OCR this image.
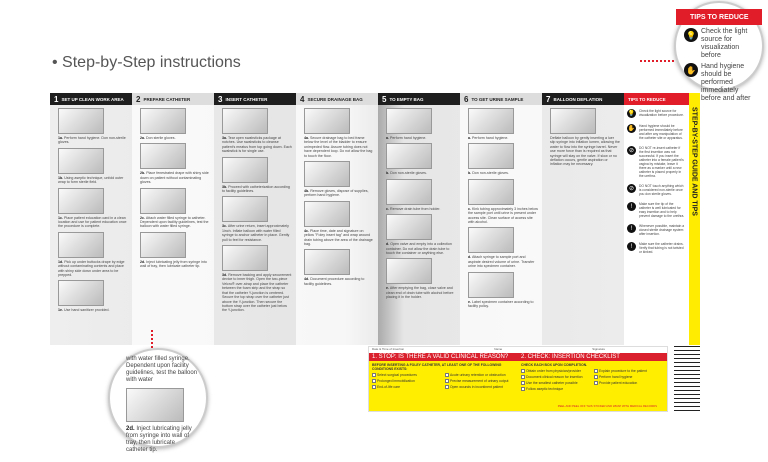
• Step-by-Step instructions
1 SET UP CLEAN WORK AREA
1a. Perform hand hygiene. Don non-sterile gloves.
1b. Using aseptic technique, unfold outer wrap to form sterile field.
1c. Place patient education card in a clean location and use for patient education once the procedure is complete.
1d. Pick up under buttocks drape by edge without contaminating contents and place with shiny side down under area to be prepped.
1e. Use hand sanitizer provided.
2 PREPARE CATHETER
2a. Don sterile gloves.
2b. Place fenestrated drape with shiny side down on patient without contaminating gloves.
2c. Attach water filled syringe to catheter. Dependent upon facility guidelines, test the balloon with water filled syringe.
2d. Inject lubricating jelly from syringe into wall of tray, then lubricate catheter tip.
3 INSERT CATHETER
3a. Tear open swabsticks package at notches. Use swabsticks to cleanse patient's meatus from top going down. Each swabstick is for single use.
3b. Proceed with catheterization according to facility guidelines.
3c. After urine return, insert approximately 1inch. Inflate balloon with water filled syringe to anchor catheter in place. Gently pull to feel for resistance.
3d. Remove backing and apply securement device to inner thigh. Open the two-piece Velcro® over-strap and place the catheter between the foam strip and the strap so that the catheter Y-junction is centered. Secure the top strap over the catheter just above the Y-junction. Then secure the bottom strap over the catheter just below the Y-junction.
4 SECURE DRAINAGE BAG
4a. Secure drainage bag to bed frame below the level of the bladder to ensure unimpeded flow. Assure tubing does not have dependent loop. Do not allow the bag to touch the floor.
4b. Remove gloves, dispose of supplies, perform hand hygiene.
4c. Place time, date and signature on yellow "Foley insert tag" and wrap around drain tubing above the area of the drainage bag.
4d. Document procedure according to facility guidelines.
5 TO EMPTY BAG
a. Perform hand hygiene.
b. Don non-sterile gloves.
c. Remove drain tube from holder.
d. Open valve and empty into a collection container. Do not allow the drain tube to touch the container or anything else.
e. After emptying the bag, close valve and clean end of drain tube with alcohol before placing it in the holder.
6 TO GET URINE SAMPLE
a. Perform hand hygiene.
b. Don non-sterile gloves.
c. Kink tubing approximately 3 inches below the sample port until urine is present under access site. Clean surface of access site with alcohol.
d. Attach syringe to sample port and aspirate desired volume of urine. Transfer urine into specimen container.
e. Label specimen container according to facility policy.
7 BALLOON DEFLATION
Deflate balloon by gently inserting a luer slip syringe into inflation lumen, allowing the water to flow into the syringe barrel. Never use more force than is required as that syringe will stay on the valve. If slow or no deflation occurs, gentle aspiration or inflation may be necessary.
TIPS TO REDUCE
💡 Check the light source for visualization before procedure.
✋ Hand hygiene should be performed immediately before and after any manipulation of the catheter site or apparatus.
⊘	DO NOT re-insert catheter if the first insertion was not successful. If you insert the catheter into a female patient's vagina by mistake, leave it there as a marker until a new catheter is placed properly in the urethra.
⊘	DO NOT touch anything which is considered non-sterile once you don sterile gloves.
!	Make sure the tip of the catheter is well lubricated for easy insertion and to help prevent damage to the urethra.
!	Whenever possible, maintain a closed sterile drainage system after insertion.
!	Make sure the catheter drains. Verify that tubing is not twisted or kinked.
STEP-BY-STEP GUIDE AND TIPS
Date & Time of Insertion	Name	Signature
1. STOP: IS THERE A VALID CLINICAL REASON?	2. CHECK: INSERTION CHECKLIST
BEFORE INSERTING A FOLEY CATHETER, AT LEAST ONE OF THE FOLLOWING CONDITIONS EXISTS:
Select surgical procedures	Acute urinary retention or obstruction
Prolonged immobilization	Precise measurement of urinary output
End-of-life care	Open wounds in incontinent patient
CHECK EACH BOX UPON COMPLETION.
Obtain order from physician/provider	Explain procedure to the patient
Document clinical reason for insertion	Perform hand hygiene
Use the smallest catheter possible	Provide patient education
Follow aseptic technique
PEEL AND PEEL OFF THIS STICKER AND WRAP WITH MEDICAL RECORDS
with water filled syringe. Dependent upon facility guidelines, test the balloon with water
2d. Inject lubricating jelly from syringe into wall of tray, then lubricate catheter tip.
TIPS TO REDUCE
💡 Check the light source for visualization before
✋ Hand hygiene should be performed immediately before and after
